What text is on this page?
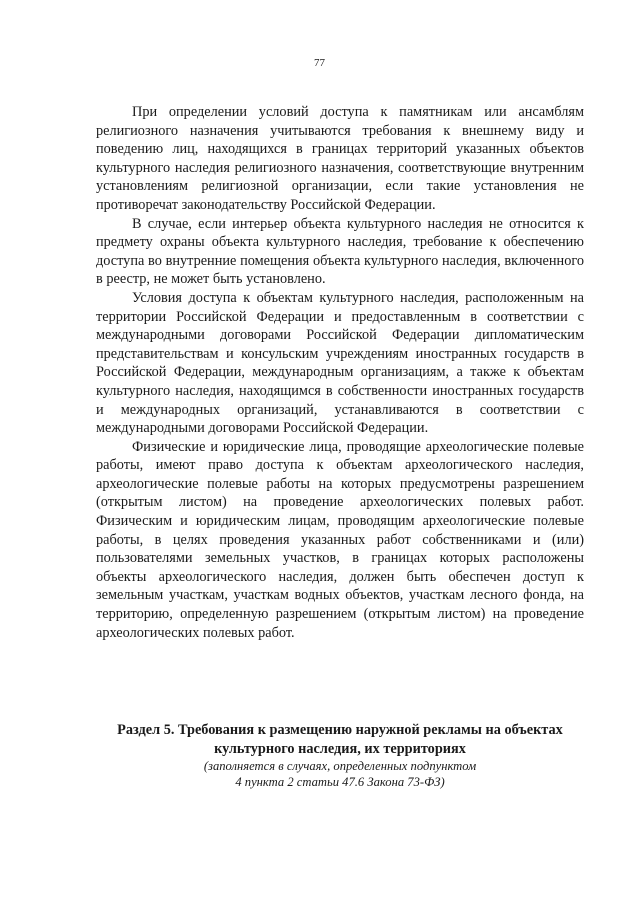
77

При определении условий доступа к памятникам или ансамблям религиозного назначения учитываются требования к внешнему виду и поведению лиц, находящихся в границах территорий указанных объектов культурного наследия религиозного назначения, соответствующие внутренним установлениям религиозной организации, если такие установления не противоречат законодательству Российской Федерации.

В случае, если интерьер объекта культурного наследия не относится к предмету охраны объекта культурного наследия, требование к обеспечению доступа во внутренние помещения объекта культурного наследия, включенного в реестр, не может быть установлено.

Условия доступа к объектам культурного наследия, расположенным на территории Российской Федерации и предоставленным в соответствии с международными договорами Российской Федерации дипломатическим представительствам и консульским учреждениям иностранных государств в Российской Федерации, международным организациям, а также к объектам культурного наследия, находящимся в собственности иностранных государств и международных организаций, устанавливаются в соответствии с международными договорами Российской Федерации.

Физические и юридические лица, проводящие археологические полевые работы, имеют право доступа к объектам археологического наследия, археологические полевые работы на которых предусмотрены разрешением (открытым листом) на проведение археологических полевых работ. Физическим и юридическим лицам, проводящим археологические полевые работы, в целях проведения указанных работ собственниками и (или) пользователями земельных участков, в границах которых расположены объекты археологического наследия, должен быть обеспечен доступ к земельным участкам, участкам водных объектов, участкам лесного фонда, на территорию, определенную разрешением (открытым листом) на проведение археологических полевых работ.

Раздел 5. Требования к размещению наружной рекламы на объектах

культурного наследия, их территориях

(заполняется в случаях, определенных подпунктом

4 пункта 2 статьи 47.6 Закона 73-ФЗ)
